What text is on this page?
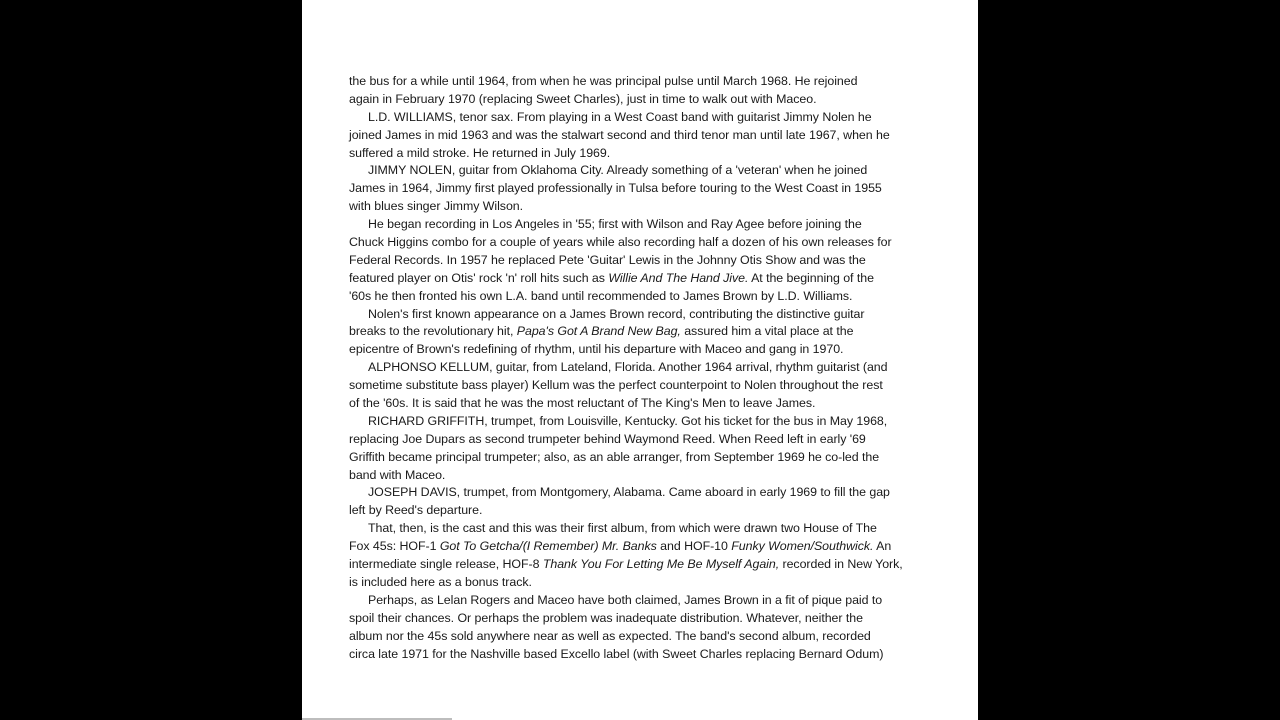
the bus for a while until 1964, from when he was principal pulse until March 1968. He rejoined
again in February 1970 (replacing Sweet Charles), just in time to walk out with Maceo.
L.D. WILLIAMS, tenor sax. From playing in a West Coast band with guitarist Jimmy Nolen he
joined James in mid 1963 and was the stalwart second and third tenor man until late 1967, when he
suffered a mild stroke. He returned in July 1969.
JIMMY NOLEN, guitar from Oklahoma City. Already something of a 'veteran' when he joined
James in 1964, Jimmy first played professionally in Tulsa before touring to the West Coast in 1955
with blues singer Jimmy Wilson.
He began recording in Los Angeles in '55; first with Wilson and Ray Agee before joining the
Chuck Higgins combo for a couple of years while also recording half a dozen of his own releases for
Federal Records. In 1957 he replaced Pete 'Guitar' Lewis in the Johnny Otis Show and was the
featured player on Otis' rock 'n' roll hits such as Willie And The Hand Jive. At the beginning of the
'60s he then fronted his own L.A. band until recommended to James Brown by L.D. Williams.
Nolen's first known appearance on a James Brown record, contributing the distinctive guitar
breaks to the revolutionary hit, Papa's Got A Brand New Bag, assured him a vital place at the
epicentre of Brown's redefining of rhythm, until his departure with Maceo and gang in 1970.
ALPHONSO KELLUM, guitar, from Lateland, Florida. Another 1964 arrival, rhythm guitarist (and
sometime substitute bass player) Kellum was the perfect counterpoint to Nolen throughout the rest
of the '60s. It is said that he was the most reluctant of The King's Men to leave James.
RICHARD GRIFFITH, trumpet, from Louisville, Kentucky. Got his ticket for the bus in May 1968,
replacing Joe Dupars as second trumpeter behind Waymond Reed. When Reed left in early '69
Griffith became principal trumpeter; also, as an able arranger, from September 1969 he co-led the
band with Maceo.
JOSEPH DAVIS, trumpet, from Montgomery, Alabama. Came aboard in early 1969 to fill the gap
left by Reed's departure.
That, then, is the cast and this was their first album, from which were drawn two House of The
Fox 45s: HOF-1 Got To Getcha/(I Remember) Mr. Banks and HOF-10 Funky Women/Southwick. An
intermediate single release, HOF-8 Thank You For Letting Me Be Myself Again, recorded in New York,
is included here as a bonus track.
Perhaps, as Lelan Rogers and Maceo have both claimed, James Brown in a fit of pique paid to
spoil their chances. Or perhaps the problem was inadequate distribution. Whatever, neither the
album nor the 45s sold anywhere near as well as expected. The band's second album, recorded
circa late 1971 for the Nashville based Excello label (with Sweet Charles replacing Bernard Odum)
